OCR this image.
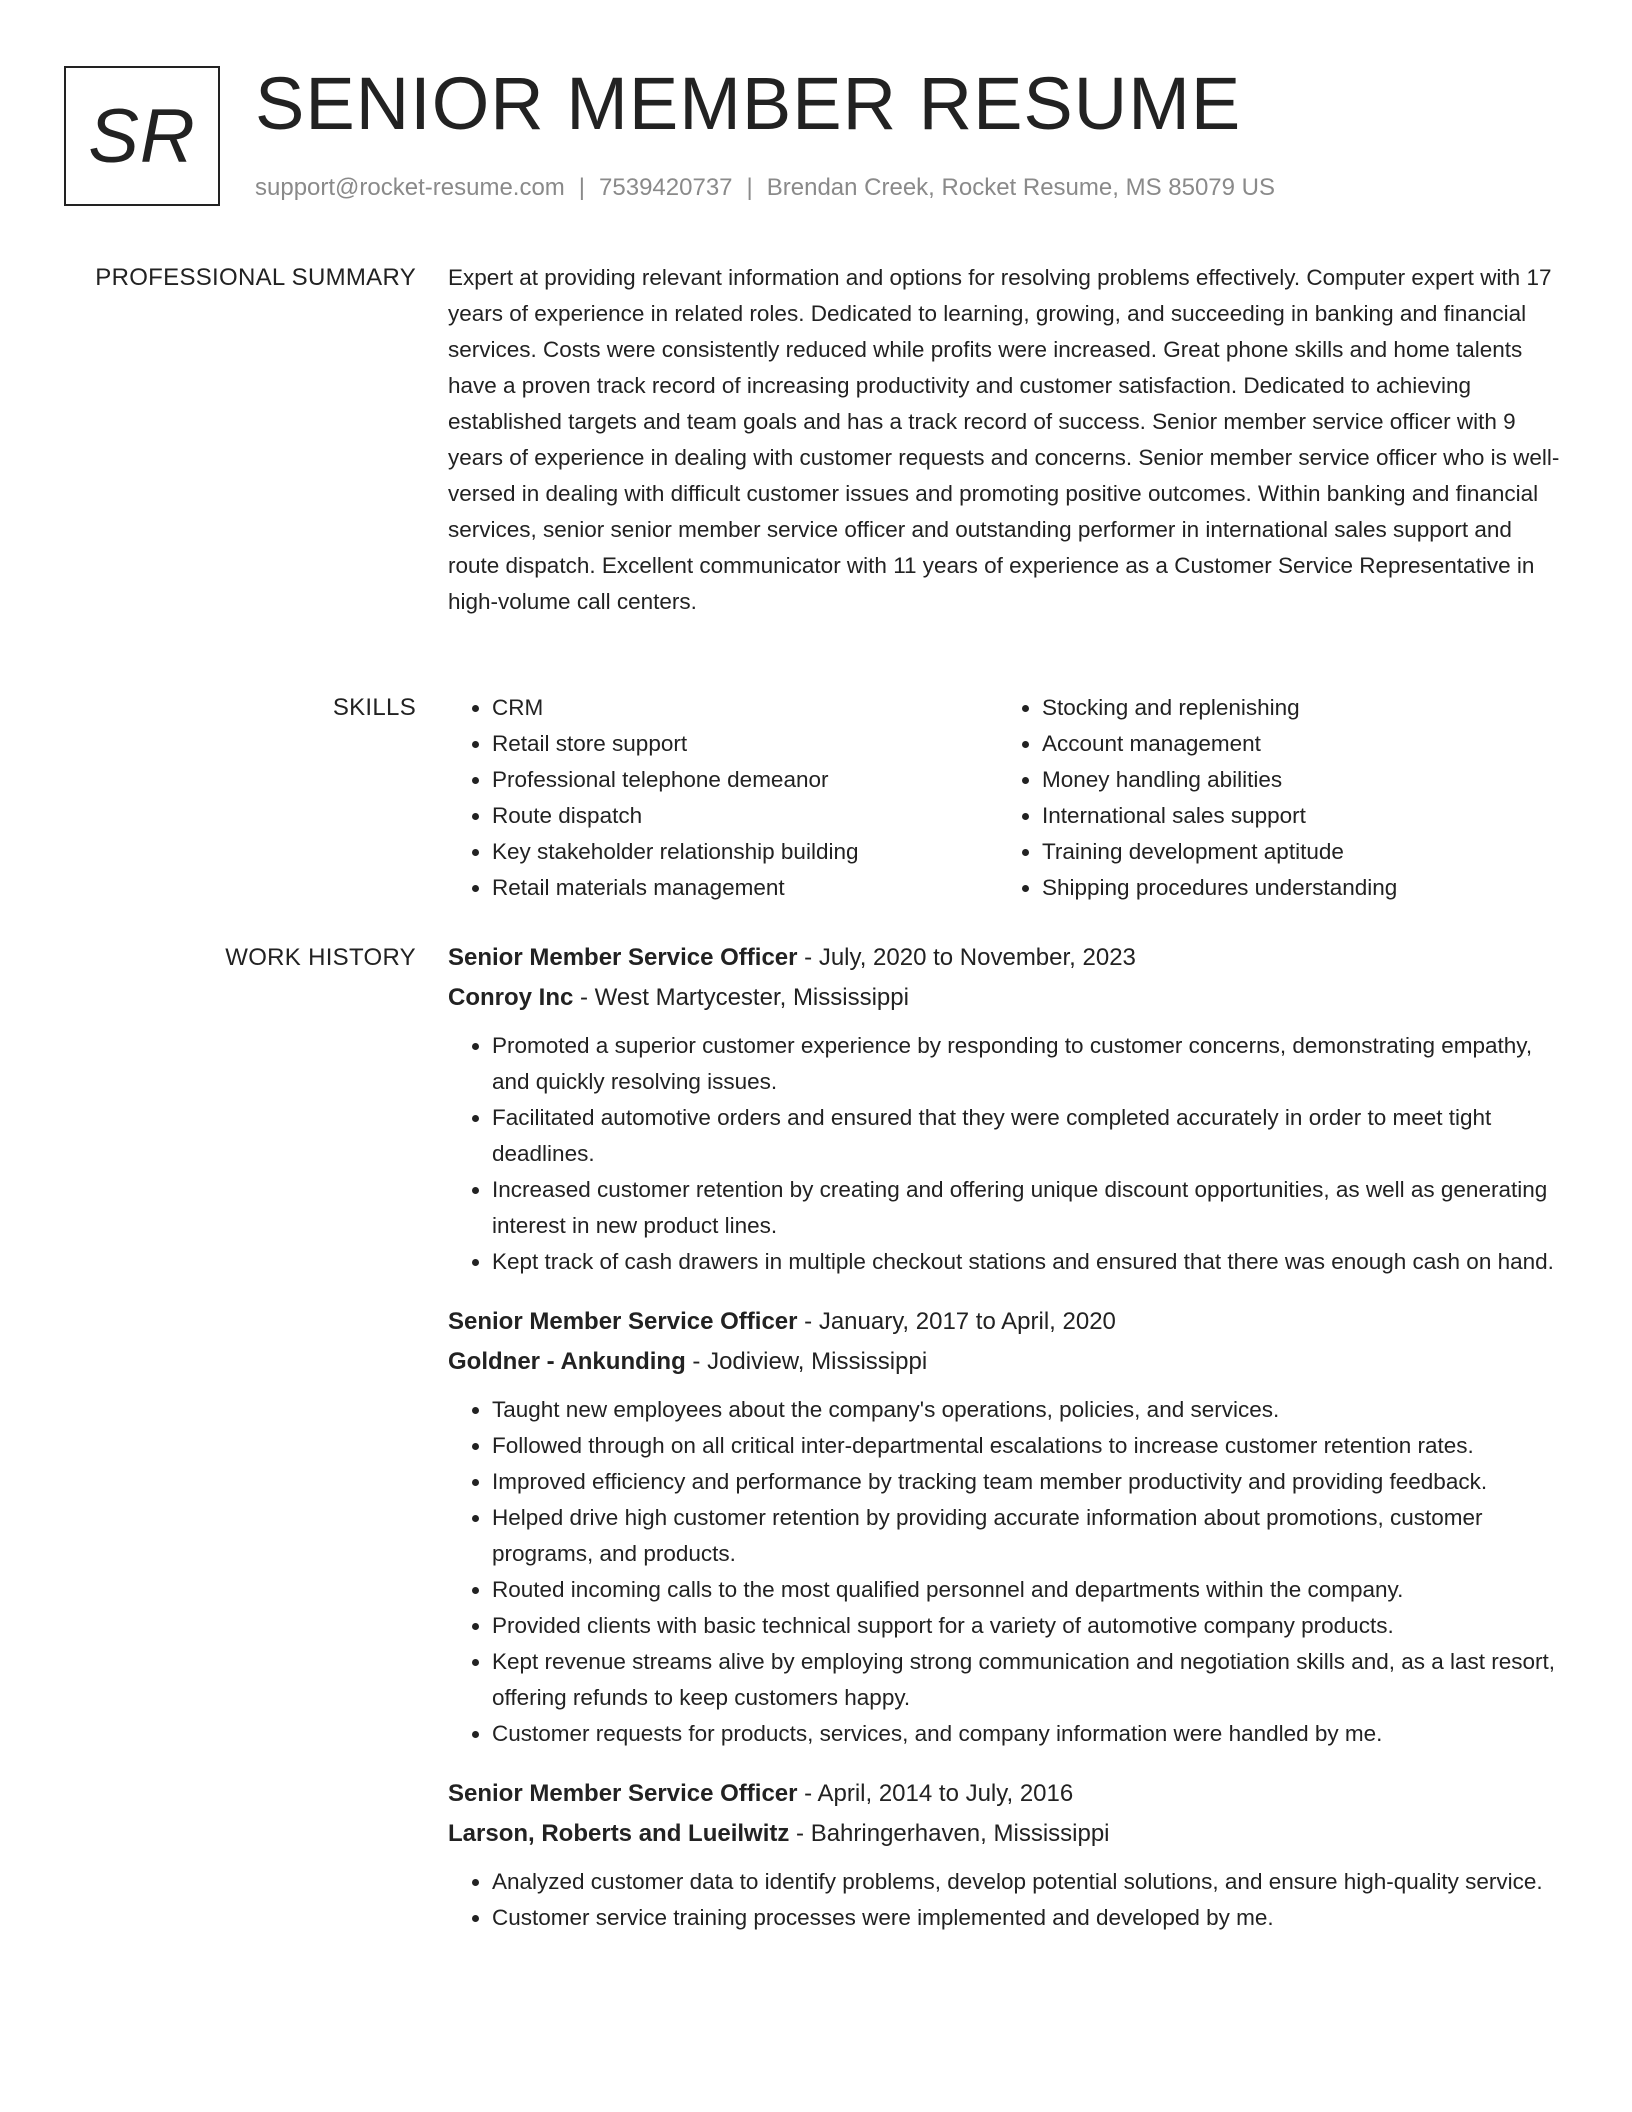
SR SENIOR MEMBER RESUME
support@rocket-resume.com | 7539420737 | Brendan Creek, Rocket Resume, MS 85079 US
PROFESSIONAL SUMMARY Expert at providing relevant information and options for resolving problems effectively. Computer expert with 17 years of experience in related roles. Dedicated to learning, growing, and succeeding in banking and financial services. Costs were consistently reduced while profits were increased. Great phone skills and home talents have a proven track record of increasing productivity and customer satisfaction. Dedicated to achieving established targets and team goals and has a track record of success. Senior member service officer with 9 years of experience in dealing with customer requests and concerns. Senior member service officer who is well-versed in dealing with difficult customer issues and promoting positive outcomes. Within banking and financial services, senior senior member service officer and outstanding performer in international sales support and route dispatch. Excellent communicator with 11 years of experience as a Customer Service Representative in high-volume call centers.
SKILLS
•	CRM
• Retail store support
• Professional telephone demeanor
• Route dispatch
• Key stakeholder relationship building
• Retail materials management
• Stocking and replenishing
• Account management
• Money handling abilities
• International sales support
• Training development aptitude
• Shipping procedures understanding
WORK HISTORY Senior Member Service Officer - July, 2020 to November, 2023
Conroy Inc - West Martycester, Mississippi
• Promoted a superior customer experience by responding to customer concerns, demonstrating empathy, and quickly resolving issues.
• Facilitated automotive orders and ensured that they were completed accurately in order to meet tight deadlines.
• Increased customer retention by creating and offering unique discount opportunities, as well as generating interest in new product lines.
• Kept track of cash drawers in multiple checkout stations and ensured that there was enough cash on hand.
Senior Member Service Officer - January, 2017 to April, 2020
Goldner - Ankunding - Jodiview, Mississippi
• Taught new employees about the company's operations, policies, and services.
• Followed through on all critical inter-departmental escalations to increase customer retention rates.
• Improved efficiency and performance by tracking team member productivity and providing feedback.
• Helped drive high customer retention by providing accurate information about promotions, customer programs, and products.
• Routed incoming calls to the most qualified personnel and departments within the company.
• Provided clients with basic technical support for a variety of automotive company products.
• Kept revenue streams alive by employing strong communication and negotiation skills and, as a last resort, offering refunds to keep customers happy.
• Customer requests for products, services, and company information were handled by me.
Senior Member Service Officer - April, 2014 to July, 2016
Larson, Roberts and Lueilwitz - Bahringerhaven, Mississippi
• Analyzed customer data to identify problems, develop potential solutions, and ensure high-quality service.
• Customer service training processes were implemented and developed by me.
